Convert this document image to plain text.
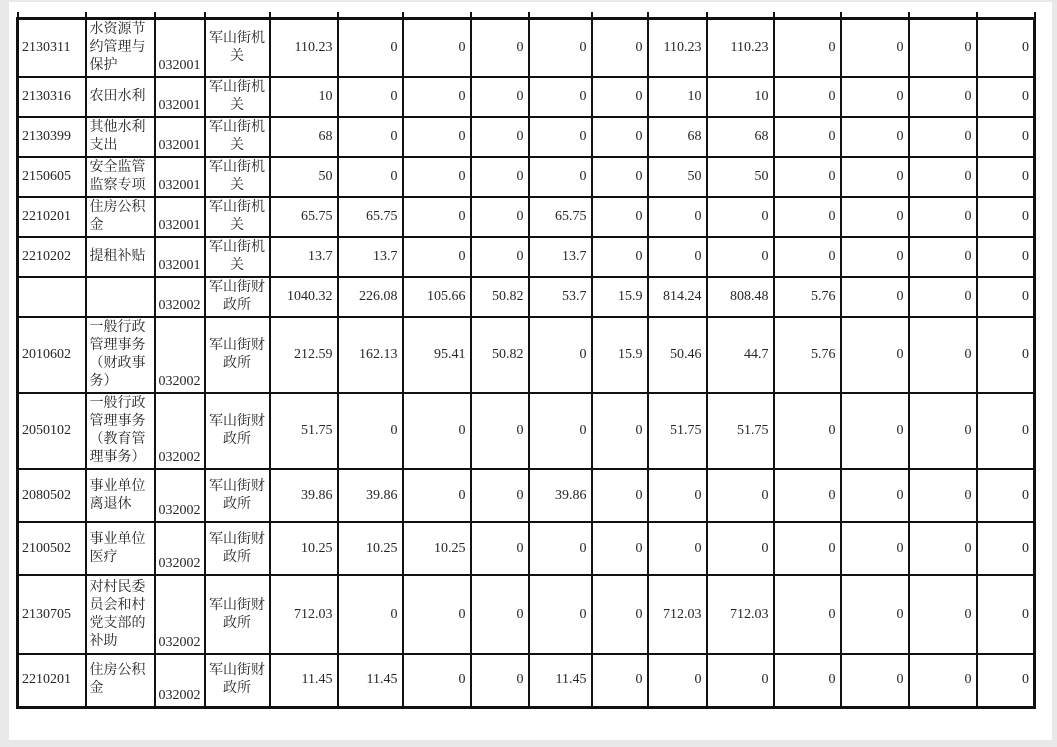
2130311	水资源节约管理与保护	032001	军山街机关	110.23	0	0	0	0	0	110.23	110.23	0	0	0	0
2130316	农田水利	032001	军山街机关	10	0	0	0	0	0	10	10	0	0	0	0
2130399	其他水利支出	032001	军山街机关	68	0	0	0	0	0	68	68	0	0	0	0
2150605	安全监管监察专项	032001	军山街机关	50	0	0	0	0	0	50	50	0	0	0	0
2210201	住房公积金	032001	军山街机关	65.75	65.75	0	0	65.75	0	0	0	0	0	0	0
2210202	提租补贴	032001	军山街机关	13.7	13.7	0	0	13.7	0	0	0	0	0	0	0
		032002	军山街财政所	1040.32	226.08	105.66	50.82	53.7	15.9	814.24	808.48	5.76	0	0	0
2010602	一般行政管理事务（财政事务）	032002	军山街财政所	212.59	162.13	95.41	50.82	0	15.9	50.46	44.7	5.76	0	0	0
2050102	一般行政管理事务（教育管理事务）	032002	军山街财政所	51.75	0	0	0	0	0	51.75	51.75	0	0	0	0
2080502	事业单位离退休	032002	军山街财政所	39.86	39.86	0	0	39.86	0	0	0	0	0	0	0
2100502	事业单位医疗	032002	军山街财政所	10.25	10.25	10.25	0	0	0	0	0	0	0	0	0
2130705	对村民委员会和村党支部的补助	032002	军山街财政所	712.03	0	0	0	0	0	712.03	712.03	0	0	0	0
2210201	住房公积金	032002	军山街财政所	11.45	11.45	0	0	11.45	0	0	0	0	0	0	0
